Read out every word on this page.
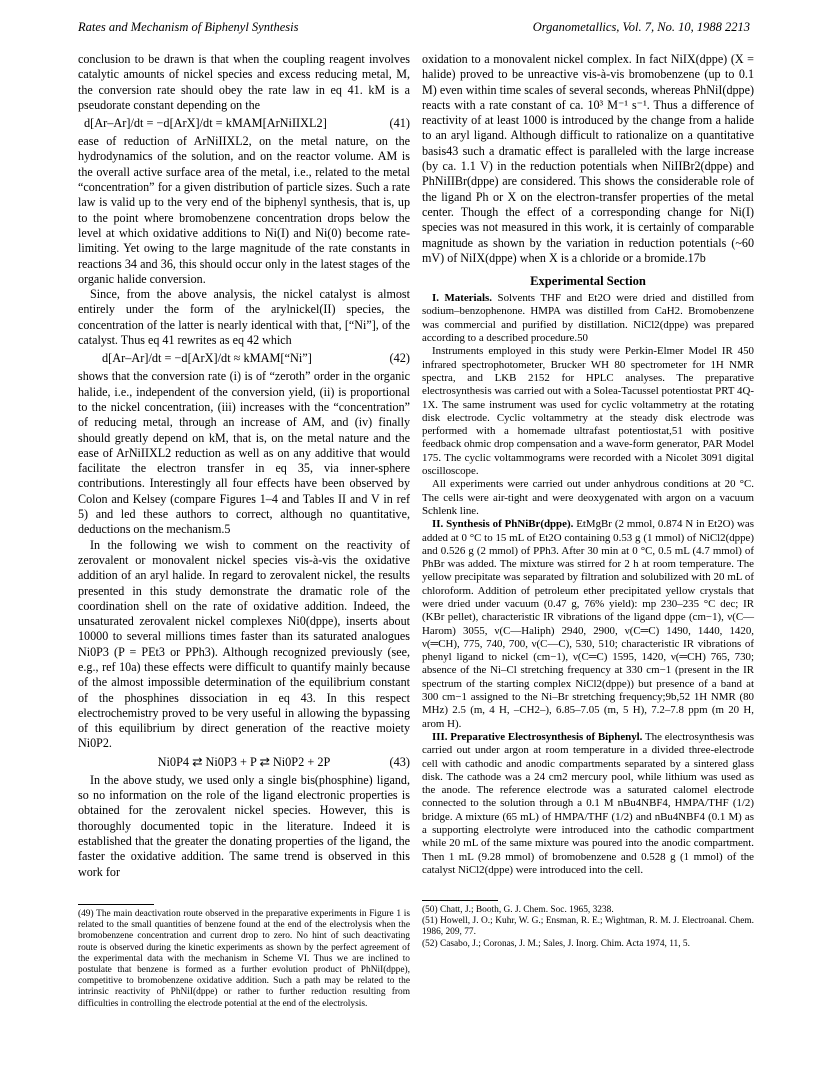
Rates and Mechanism of Biphenyl Synthesis	Organometallics, Vol. 7, No. 10, 1988 2213

conclusion to be drawn is that when the coupling reagent involves catalytic amounts of nickel species and excess reducing metal, M, the conversion rate should obey the rate law in eq 41. kM is a pseudorate constant depending on the

d[Ar–Ar]/dt = −d[ArX]/dt = kMAM[ArNiIIXL2]	(41)

ease of reduction of ArNiIIXL2, on the metal nature, on the hydrodynamics of the solution, and on the reactor volume. AM is the overall active surface area of the metal, i.e., related to the metal “concentration” for a given distribution of particle sizes. Such a rate law is valid up to the very end of the biphenyl synthesis, that is, up to the point where bromobenzene concentration drops below the level at which oxidative additions to Ni(I) and Ni(0) become rate-limiting. Yet owing to the large magnitude of the rate constants in reactions 34 and 36, this should occur only in the latest stages of the organic halide conversion.

Since, from the above analysis, the nickel catalyst is almost entirely under the form of the arylnickel(II) species, the concentration of the latter is nearly identical with that, [“Ni”], of the catalyst. Thus eq 41 rewrites as eq 42 which

d[Ar–Ar]/dt = −d[ArX]/dt ≈ kMAM[“Ni”]	(42)

shows that the conversion rate (i) is of “zeroth” order in the organic halide, i.e., independent of the conversion yield, (ii) is proportional to the nickel concentration, (iii) increases with the “concentration” of reducing metal, through an increase of AM, and (iv) finally should greatly depend on kM, that is, on the metal nature and the ease of ArNiIIXL2 reduction as well as on any additive that would facilitate the electron transfer in eq 35, via inner-sphere contributions. Interestingly all four effects have been observed by Colon and Kelsey (compare Figures 1–4 and Tables II and V in ref 5) and led these authors to correct, although no quantitative, deductions on the mechanism.5

In the following we wish to comment on the reactivity of zerovalent or monovalent nickel species vis-à-vis the oxidative addition of an aryl halide. In regard to zerovalent nickel, the results presented in this study demonstrate the dramatic role of the coordination shell on the rate of oxidative addition. Indeed, the unsaturated zerovalent nickel complexes Ni0(dppe), inserts about 10000 to several millions times faster than its saturated analogues Ni0P3 (P = PEt3 or PPh3). Although recognized previously (see, e.g., ref 10a) these effects were difficult to quantify mainly because of the almost impossible determination of the equilibrium constant of the phosphines dissociation in eq 43. In this respect electrochemistry proved to be very useful in allowing the bypassing of this equilibrium by direct generation of the reactive moiety Ni0P2.

Ni0P4 ⇄ Ni0P3 + P ⇄ Ni0P2 + 2P	(43)

In the above study, we used only a single bis(phosphine) ligand, so no information on the role of the ligand electronic properties is obtained for the zerovalent nickel species. However, this is thoroughly documented topic in the literature. Indeed it is established that the greater the donating properties of the ligand, the faster the oxidative addition. The same trend is observed in this work for

(49) The main deactivation route observed in the preparative experiments in Figure 1 is related to the small quantities of benzene found at the end of the electrolysis when the bromobenzene concentration and current drop to zero. No hint of such deactivating route is observed during the kinetic experiments as shown by the perfect agreement of the experimental data with the mechanism in Scheme VI. Thus we are inclined to postulate that benzene is formed as a further evolution product of PhNiI(dppe), competitive to bromobenzene oxidative addition. Such a path may be related to the intrinsic reactivity of PhNiI(dppe) or rather to further reduction resulting from difficulties in controlling the electrode potential at the end of the electrolysis.

oxidation to a monovalent nickel complex. In fact NiIX(dppe) (X = halide) proved to be unreactive vis-à-vis bromobenzene (up to 0.1 M) even within time scales of several seconds, whereas PhNiI(dppe) reacts with a rate constant of ca. 10³ M⁻¹ s⁻¹. Thus a difference of reactivity of at least 1000 is introduced by the change from a halide to an aryl ligand. Although difficult to rationalize on a quantitative basis43 such a dramatic effect is paralleled with the large increase (by ca. 1.1 V) in the reduction potentials when NiIIBr2(dppe) and PhNiIIBr(dppe) are considered. This shows the considerable role of the ligand Ph or X on the electron-transfer properties of the metal center. Though the effect of a corresponding change for Ni(I) species was not measured in this work, it is certainly of comparable magnitude as shown by the variation in reduction potentials (~60 mV) of NiIX(dppe) when X is a chloride or a bromide.17b

Experimental Section

I. Materials. Solvents THF and Et2O were dried and distilled from sodium–benzophenone. HMPA was distilled from CaH2. Bromobenzene was commercial and purified by distillation. NiCl2(dppe) was prepared according to a described procedure.50

Instruments employed in this study were Perkin-Elmer Model IR 450 infrared spectrophotometer, Brucker WH 80 spectrometer for 1H NMR spectra, and LKB 2152 for HPLC analyses. The preparative electrosynthesis was carried out with a Solea-Tacussel potentiostat PRT 4Q-1X. The same instrument was used for cyclic voltammetry at the rotating disk electrode. Cyclic voltammetry at the steady disk electrode was performed with a homemade ultrafast potentiostat,51 with positive feedback ohmic drop compensation and a wave-form generator, PAR Model 175. The cyclic voltammograms were recorded with a Nicolet 3091 digital oscilloscope.

All experiments were carried out under anhydrous conditions at 20 °C. The cells were air-tight and were deoxygenated with argon on a vacuum Schlenk line.

II. Synthesis of PhNiBr(dppe). EtMgBr (2 mmol, 0.874 N in Et2O) was added at 0 °C to 15 mL of Et2O containing 0.53 g (1 mmol) of NiCl2(dppe) and 0.526 g (2 mmol) of PPh3. After 30 min at 0 °C, 0.5 mL (4.7 mmol) of PhBr was added. The mixture was stirred for 2 h at room temperature. The yellow precipitate was separated by filtration and solubilized with 20 mL of chloroform. Addition of petroleum ether precipitated yellow crystals that were dried under vacuum (0.47 g, 76% yield): mp 230–235 °C dec; IR (KBr pellet), characteristic IR vibrations of the ligand dppe (cm−1), ν(C—Harom) 3055, ν(C—Haliph) 2940, 2900, ν(C═C) 1490, 1440, 1420, ν(═CH), 775, 740, 700, ν(C—C), 530, 510; characteristic IR vibrations of phenyl ligand to nickel (cm−1), ν(C═C) 1595, 1420, ν(═CH) 765, 730; absence of the Ni–Cl stretching frequency at 330 cm−1 (present in the IR spectrum of the starting complex NiCl2(dppe)) but presence of a band at 300 cm−1 assigned to the Ni–Br stretching frequency;9b,52 1H NMR (80 MHz) 2.5 (m, 4 H, –CH2–), 6.85–7.05 (m, 5 H), 7.2–7.8 ppm (m 20 H, arom H).

III. Preparative Electrosynthesis of Biphenyl. The electrosynthesis was carried out under argon at room temperature in a divided three-electrode cell with cathodic and anodic compartments separated by a sintered glass disk. The cathode was a 24 cm2 mercury pool, while lithium was used as the anode. The reference electrode was a saturated calomel electrode connected to the solution through a 0.1 M nBu4NBF4, HMPA/THF (1/2) bridge. A mixture (65 mL) of HMPA/THF (1/2) and nBu4NBF4 (0.1 M) as a supporting electrolyte were introduced into the cathodic compartment while 20 mL of the same mixture was poured into the anodic compartment. Then 1 mL (9.28 mmol) of bromobenzene and 0.528 g (1 mmol) of the catalyst NiCl2(dppe) were introduced into the cell.

(50) Chatt, J.; Booth, G. J. Chem. Soc. 1965, 3238.

(51) Howell, J. O.; Kuhr, W. G.; Ensman, R. E.; Wightman, R. M. J. Electroanal. Chem. 1986, 209, 77.

(52) Casabo, J.; Coronas, J. M.; Sales, J. Inorg. Chim. Acta 1974, 11, 5.
